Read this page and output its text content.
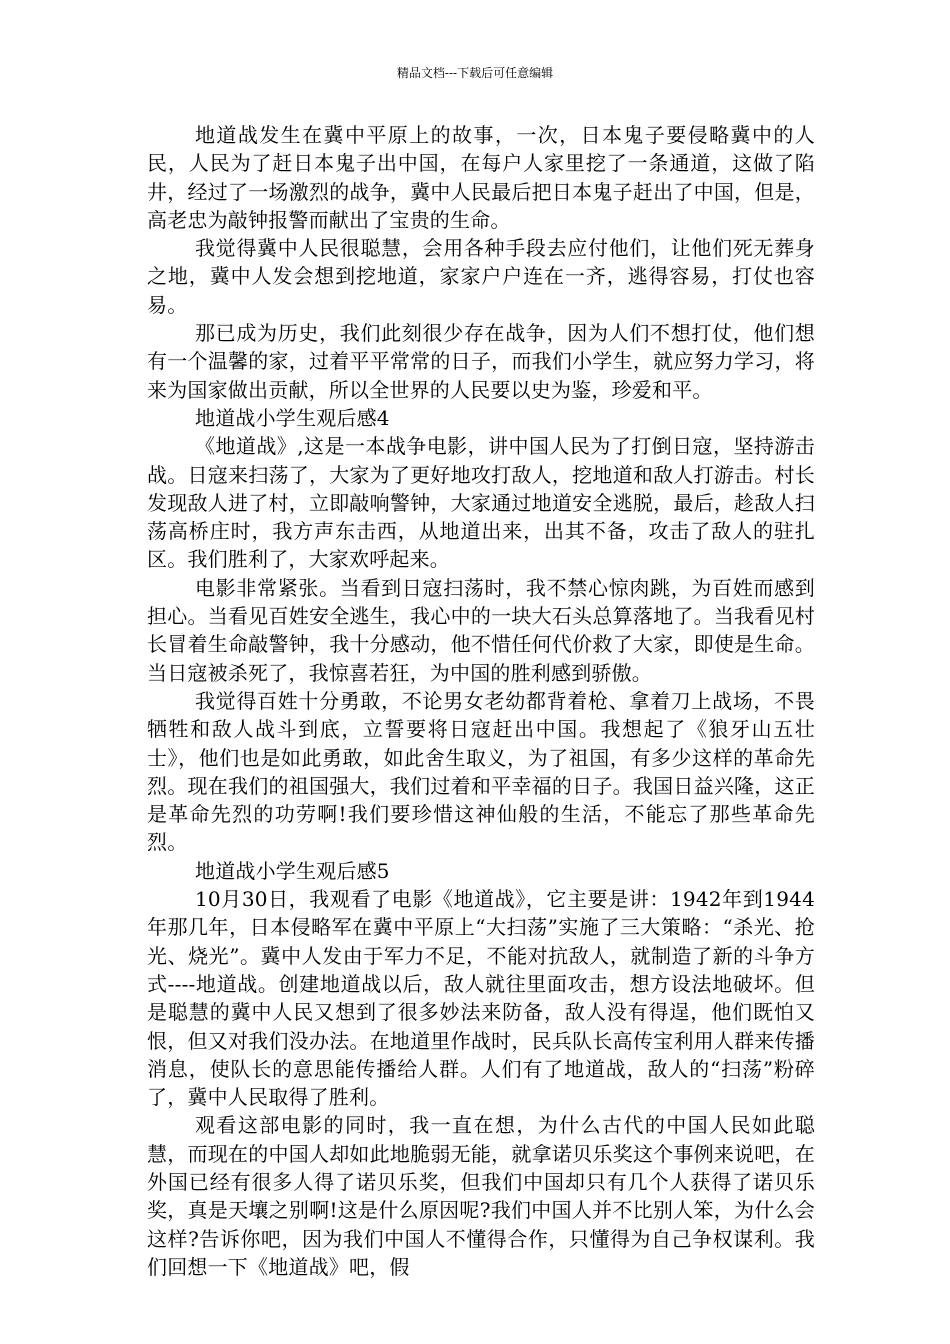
精品文档---下载后可任意编辑

地道战发生在冀中平原上的故事，一次，日本鬼子要侵略冀中的人民，人民为了赶日本鬼子出中国，在每户人家里挖了一条通道，这做了陷井，经过了一场激烈的战争，冀中人民最后把日本鬼子赶出了中国，但是，高老忠为敲钟报警而献出了宝贵的生命。

我觉得冀中人民很聪慧，会用各种手段去应付他们，让他们死无葬身之地，冀中人发会想到挖地道，家家户户连在一齐，逃得容易，打仗也容易。

那已成为历史，我们此刻很少存在战争，因为人们不想打仗，他们想有一个温馨的家，过着平平常常的日子，而我们小学生，就应努力学习，将来为国家做出贡献，所以全世界的人民要以史为鉴，珍爱和平。

地道战小学生观后感4

《地道战》,这是一本战争电影，讲中国人民为了打倒日寇，坚持游击战。日寇来扫荡了，大家为了更好地攻打敌人，挖地道和敌人打游击。村长发现敌人进了村，立即敲响警钟，大家通过地道安全逃脱，最后，趁敌人扫荡高桥庄时，我方声东击西，从地道出来，出其不备，攻击了敌人的驻扎区。我们胜利了，大家欢呼起来。

电影非常紧张。当看到日寇扫荡时，我不禁心惊肉跳，为百姓而感到担心。当看见百姓安全逃生，我心中的一块大石头总算落地了。当我看见村长冒着生命敲警钟，我十分感动，他不惜任何代价救了大家，即使是生命。当日寇被杀死了，我惊喜若狂，为中国的胜利感到骄傲。

我觉得百姓十分勇敢，不论男女老幼都背着枪、拿着刀上战场，不畏牺牲和敌人战斗到底，立誓要将日寇赶出中国。我想起了《狼牙山五壮士》，他们也是如此勇敢，如此舍生取义，为了祖国，有多少这样的革命先烈。现在我们的祖国强大，我们过着和平幸福的日子。我国日益兴隆，这正是革命先烈的功劳啊!我们要珍惜这神仙般的生活，不能忘了那些革命先烈。

地道战小学生观后感5

10月30日，我观看了电影《地道战》，它主要是讲：1942年到1944年那几年，日本侵略军在冀中平原上“大扫荡”实施了三大策略：“杀光、抢光、烧光”。冀中人发由于军力不足，不能对抗敌人，就制造了新的斗争方式----地道战。创建地道战以后，敌人就往里面攻击，想方设法地破坏。但是聪慧的冀中人民又想到了很多妙法来防备，敌人没有得逞，他们既怕又恨，但又对我们没办法。在地道里作战时，民兵队长高传宝利用人群来传播消息，使队长的意思能传播给人群。人们有了地道战，敌人的“扫荡”粉碎了，冀中人民取得了胜利。

观看这部电影的同时，我一直在想，为什么古代的中国人民如此聪慧，而现在的中国人却如此地脆弱无能，就拿诺贝乐奖这个事例来说吧，在外国已经有很多人得了诺贝乐奖，但我们中国却只有几个人获得了诺贝乐奖，真是天壤之别啊!这是什么原因呢?我们中国人并不比别人笨，为什么会这样?告诉你吧，因为我们中国人不懂得合作，只懂得为自己争权谋利。我们回想一下《地道战》吧，假
